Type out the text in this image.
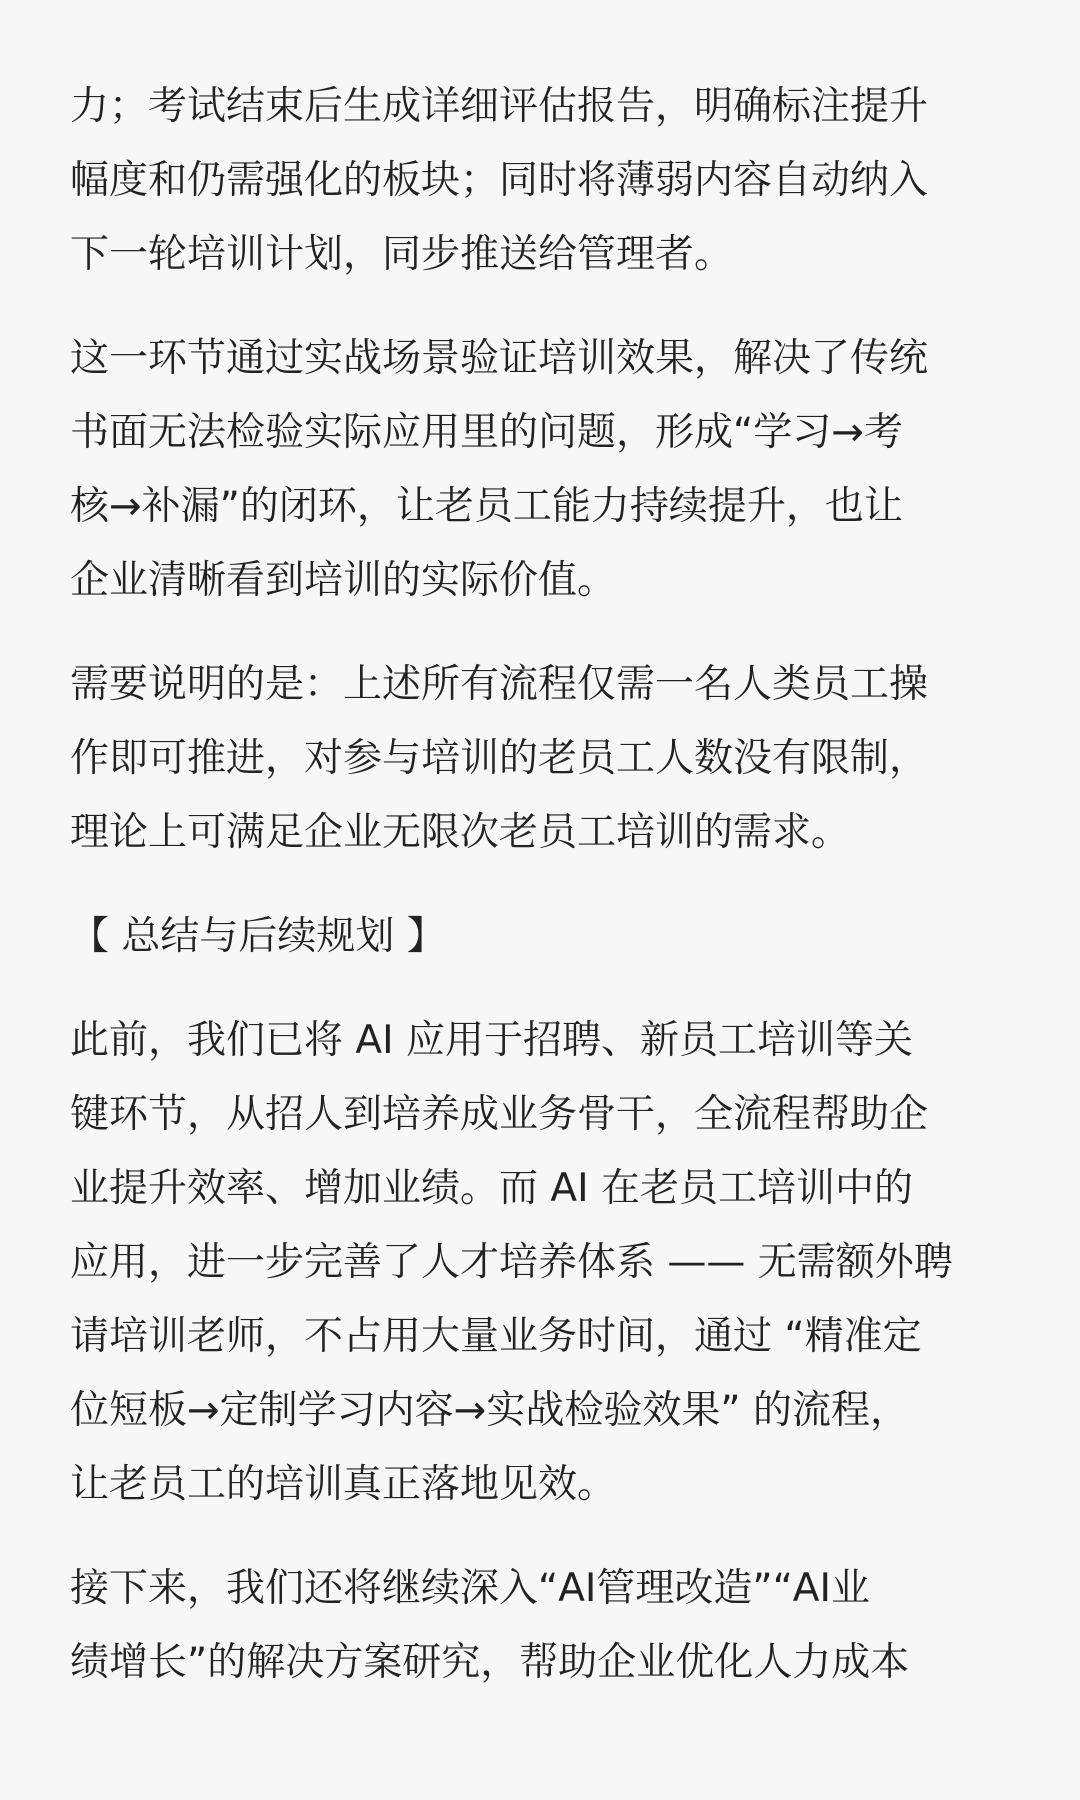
力；考试结束后生成详细评估报告，明确标注提升
幅度和仍需强化的板块；同时将薄弱内容自动纳入
下一轮培训计划，同步推送给管理者。
这一环节通过实战场景验证培训效果，解决了传统
书面无法检验实际应用里的问题，形成“学习→考
核→补漏”的闭环，让老员工能力持续提升，也让
企业清晰看到培训的实际价值。
需要说明的是：上述所有流程仅需一名人类员工操
作即可推进，对参与培训的老员工人数没有限制，
理论上可满足企业无限次老员工培训的需求。
【 总结与后续规划 】
此前，我们已将 AI 应用于招聘、新员工培训等关
键环节，从招人到培养成业务骨干，全流程帮助企
业提升效率、增加业绩。而 AI 在老员工培训中的
应用，进一步完善了人才培养体系 —— 无需额外聘
请培训老师，不占用大量业务时间，通过 “精准定
位短板→定制学习内容→实战检验效果” 的流程，
让老员工的培训真正落地见效。
接下来，我们还将继续深入“AI管理改造”“AI业
绩增长”的解决方案研究，帮助企业优化人力成本
